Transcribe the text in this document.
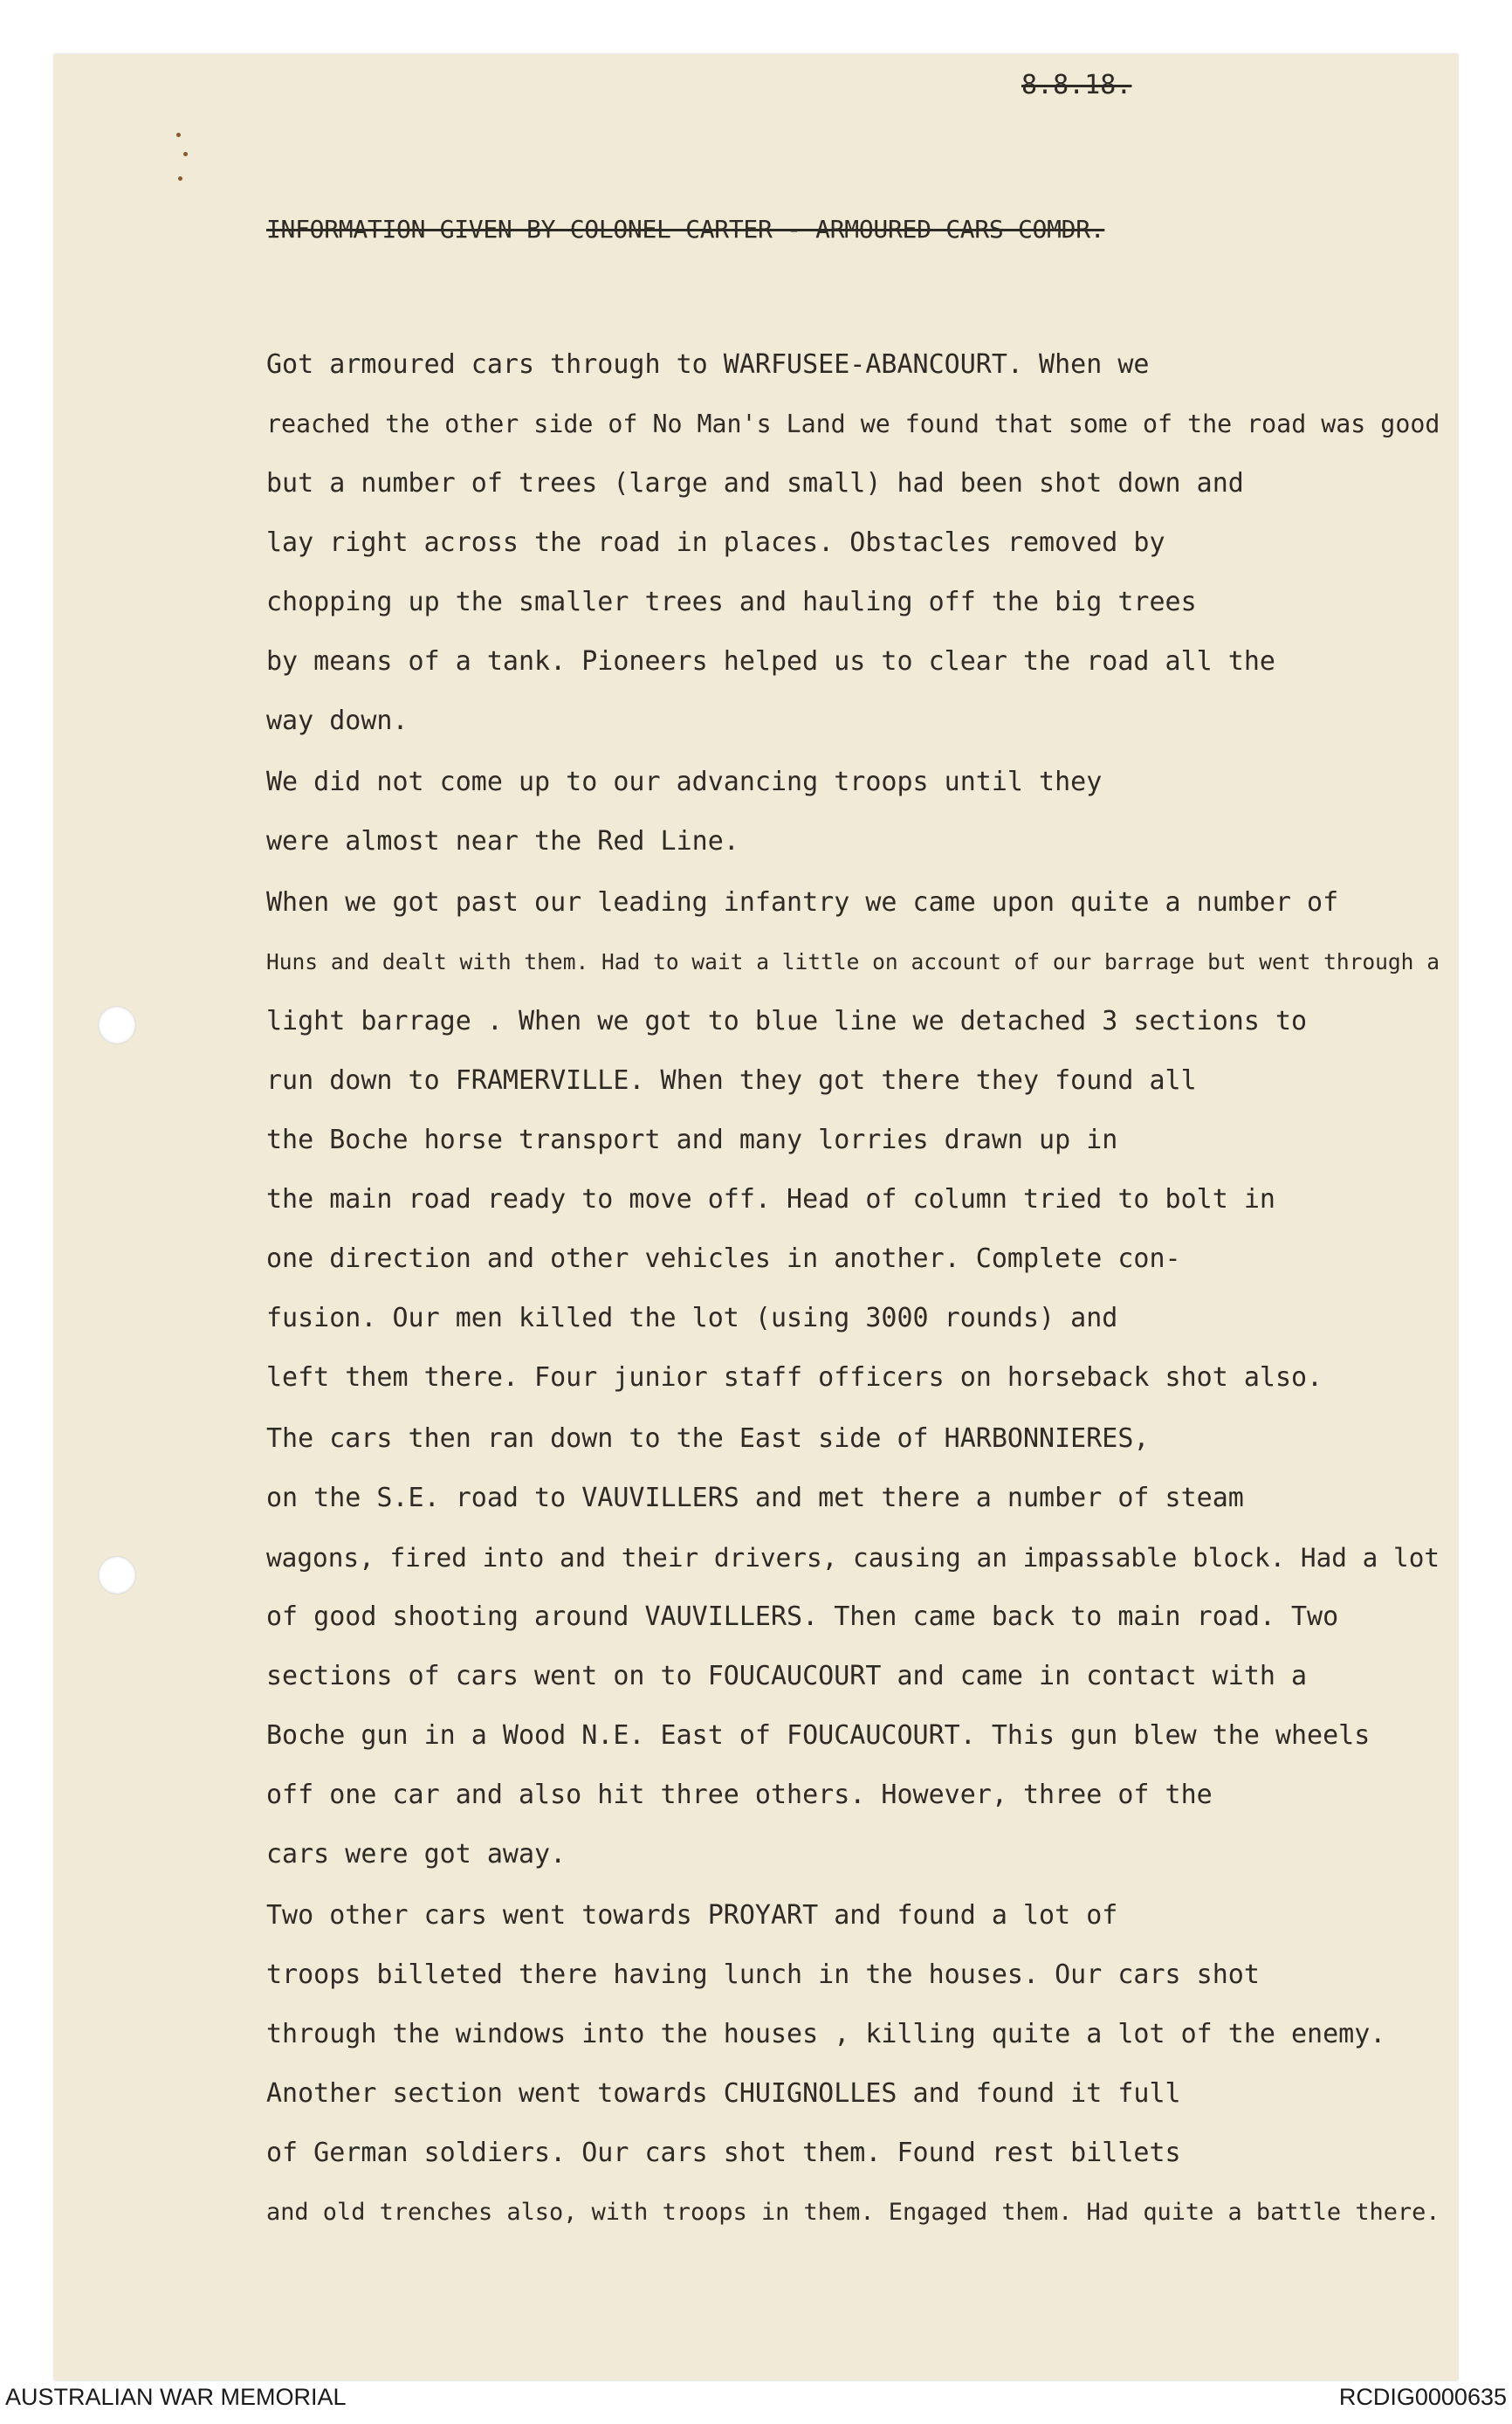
8.8.18.
INFORMATION GIVEN BY COLONEL CARTER - ARMOURED CARS COMDR.
Got armoured cars through to WARFUSEE-ABANCOURT. When we
reached the other side of No Man's Land we found that some of the road was good
but a number of trees (large and small) had been shot down and
lay right across the road in places. Obstacles removed by
chopping up the smaller trees and hauling off the big trees
by means of a tank. Pioneers helped us to clear the road all the
way down.
We did not come up to our advancing troops until they
were almost near the Red Line.
When we got past our leading infantry we came upon quite a number of
Huns and dealt with them. Had to wait a little on account of our barrage but went through a
light barrage . When we got to blue line we detached 3 sections to
run down to FRAMERVILLE. When they got there they found all
the Boche horse transport and many lorries drawn up in
the main road ready to move off. Head of column tried to bolt in
one direction and other vehicles in another. Complete con-
fusion. Our men killed the lot (using 3000 rounds) and
left them there. Four junior staff officers on horseback shot also.
The cars then ran down to the East side of HARBONNIERES,
on the S.E. road to VAUVILLERS and met there a number of steam
wagons, fired into and their drivers, causing an impassable block. Had a lot
of good shooting around VAUVILLERS. Then came back to main road. Two
sections of cars went on to FOUCAUCOURT and came in contact with a
Boche gun in a Wood N.E. East of FOUCAUCOURT. This gun blew the wheels
off one car and also hit three others. However, three of the
cars were got away.
Two other cars went towards PROYART and found a lot of
troops billeted there having lunch in the houses. Our cars shot
through the windows into the houses , killing quite a lot of the enemy.
Another section went towards CHUIGNOLLES and found it full
of German soldiers. Our cars shot them. Found rest billets
and old trenches also, with troops in them. Engaged them. Had quite a battle there.
AUSTRALIAN WAR MEMORIAL	RCDIG0000635
